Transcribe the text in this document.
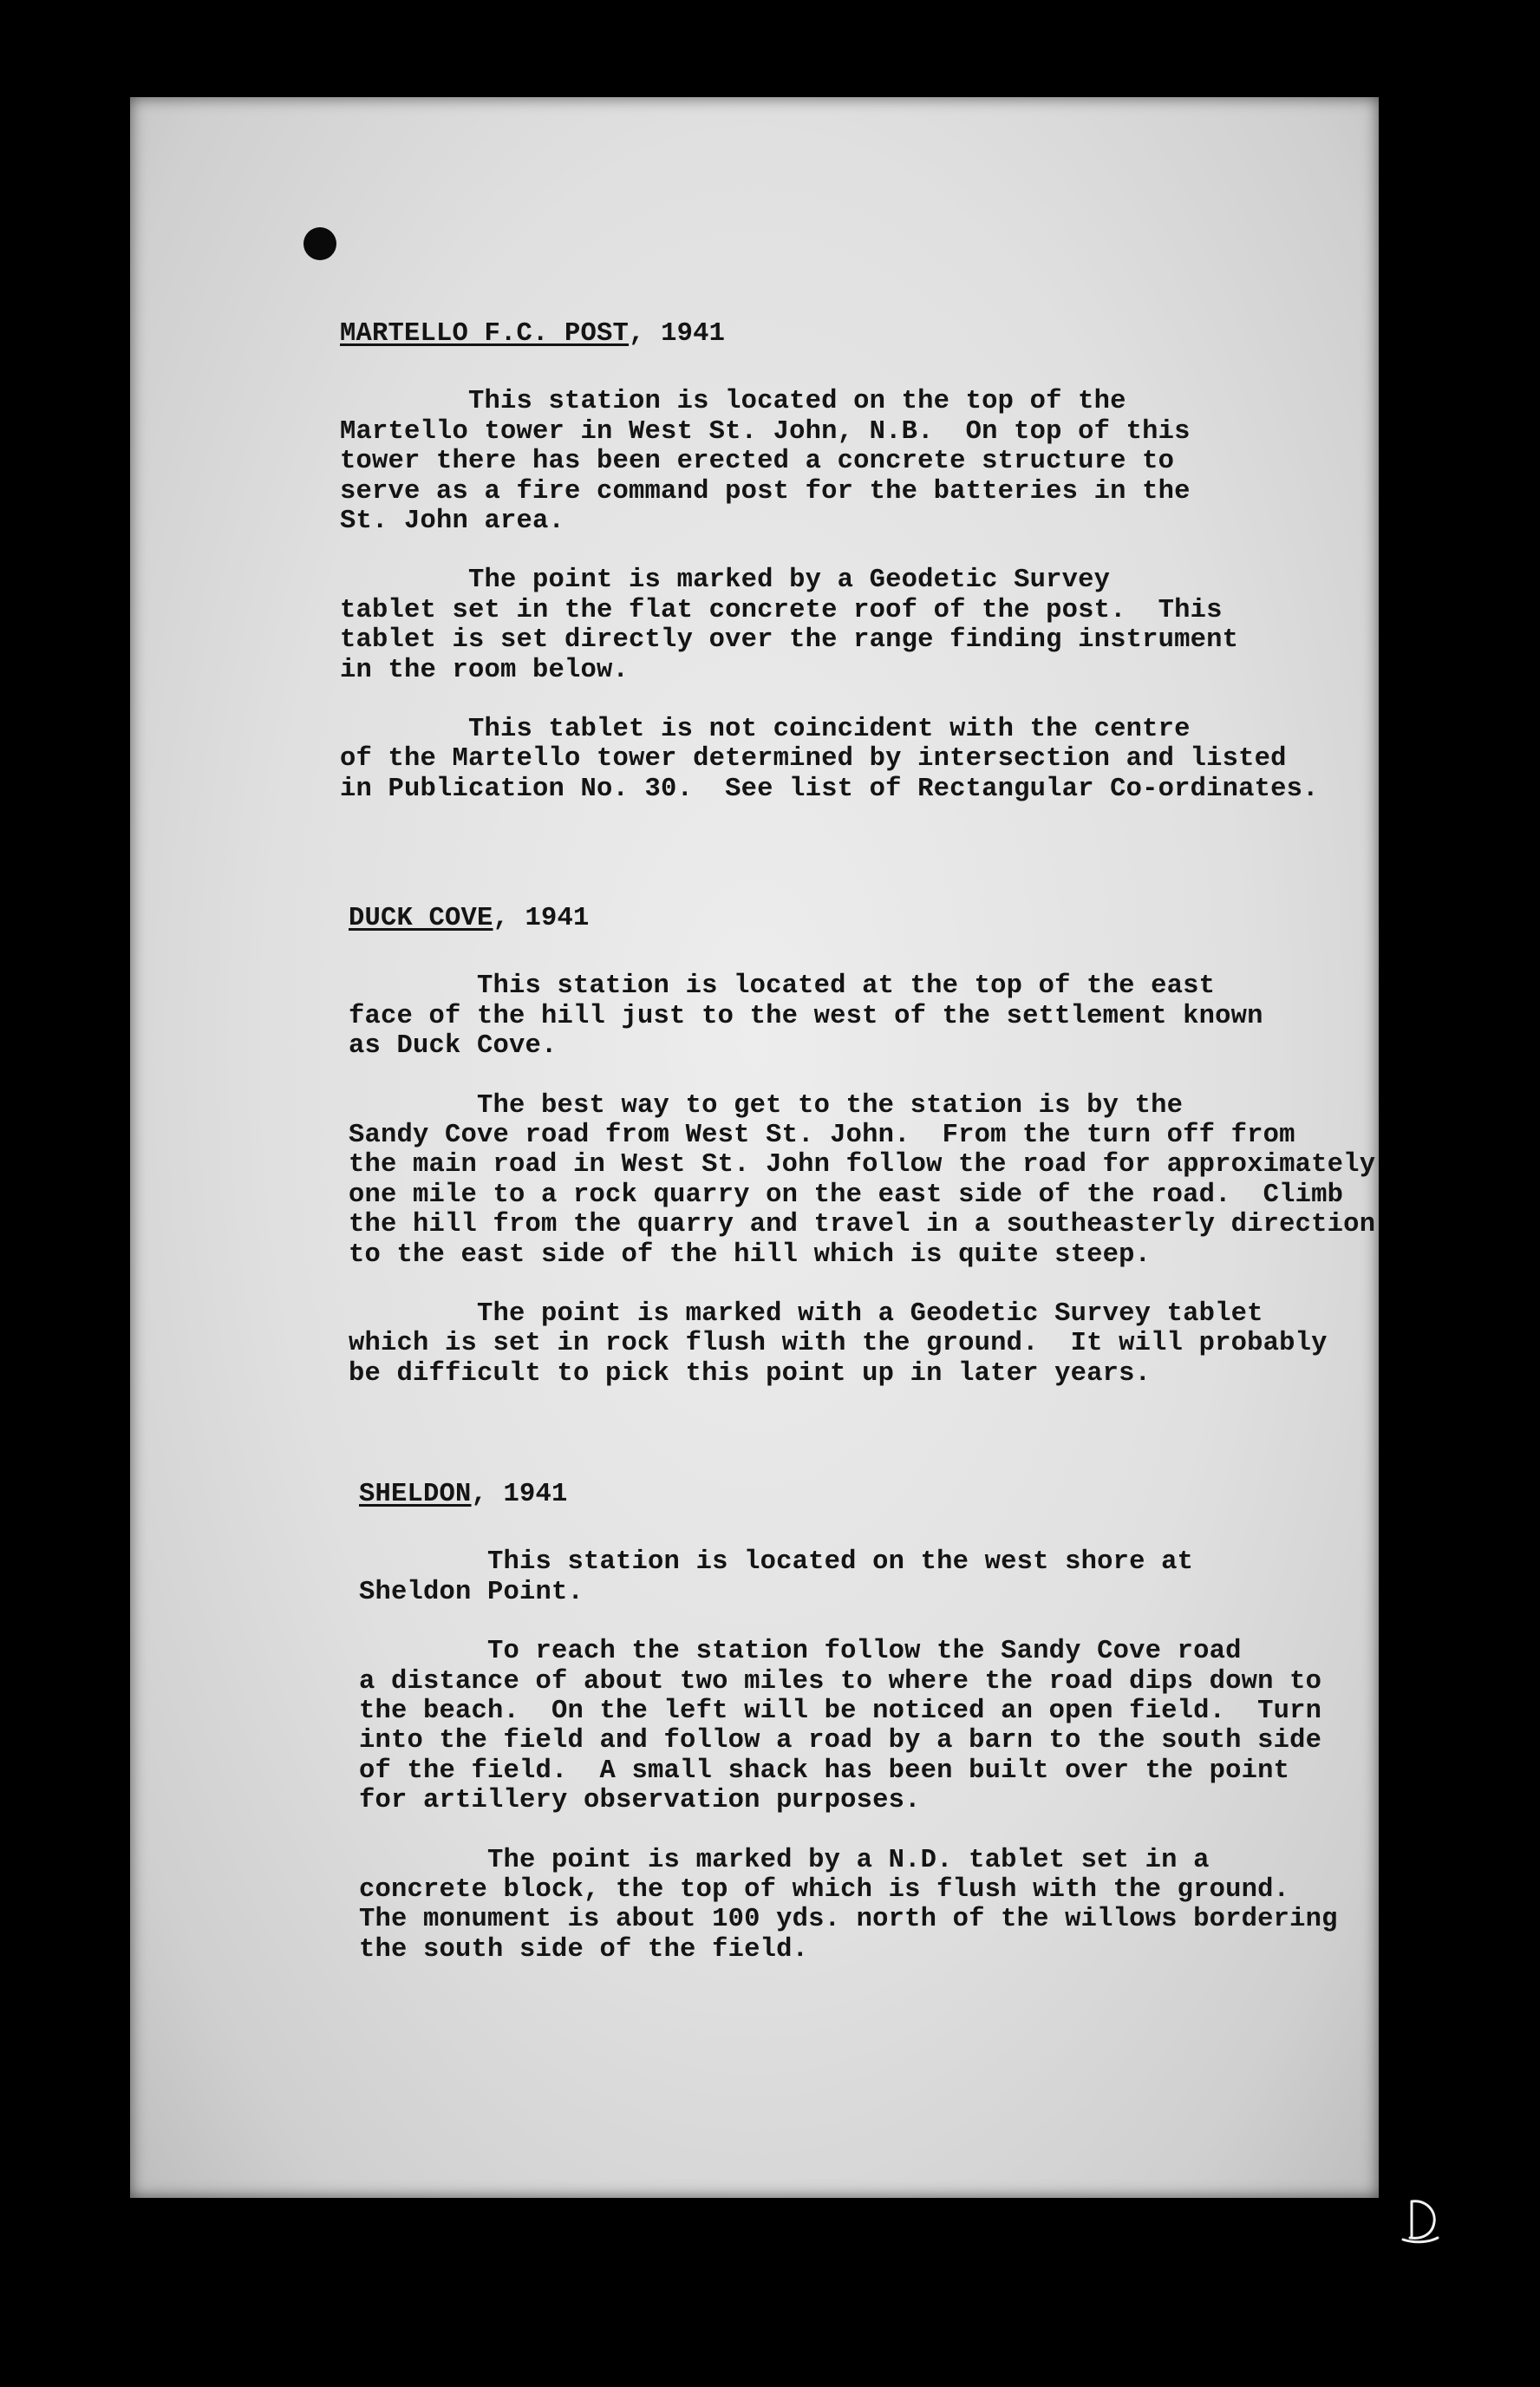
MARTELLO F.C. POST, 1941

This station is located on the top of the
Martello tower in West St. John, N.B.  On top of this
tower there has been erected a concrete structure to
serve as a fire command post for the batteries in the
St. John area.

The point is marked by a Geodetic Survey
tablet set in the flat concrete roof of the post.  This
tablet is set directly over the range finding instrument
in the room below.

This tablet is not coincident with the centre
of the Martello tower determined by intersection and listed
in Publication No. 30.  See list of Rectangular Co-ordinates.

DUCK COVE, 1941

This station is located at the top of the east
face of the hill just to the west of the settlement known
as Duck Cove.

The best way to get to the station is by the
Sandy Cove road from West St. John.  From the turn off from
the main road in West St. John follow the road for approximately
one mile to a rock quarry on the east side of the road.  Climb
the hill from the quarry and travel in a southeasterly direction
to the east side of the hill which is quite steep.

The point is marked with a Geodetic Survey tablet
which is set in rock flush with the ground.  It will probably
be difficult to pick this point up in later years.

SHELDON, 1941

This station is located on the west shore at
Sheldon Point.

To reach the station follow the Sandy Cove road
a distance of about two miles to where the road dips down to
the beach.  On the left will be noticed an open field.  Turn
into the field and follow a road by a barn to the south side
of the field.  A small shack has been built over the point
for artillery observation purposes.

The point is marked by a N.D. tablet set in a
concrete block, the top of which is flush with the ground.
The monument is about 100 yds. north of the willows bordering
the south side of the field.
